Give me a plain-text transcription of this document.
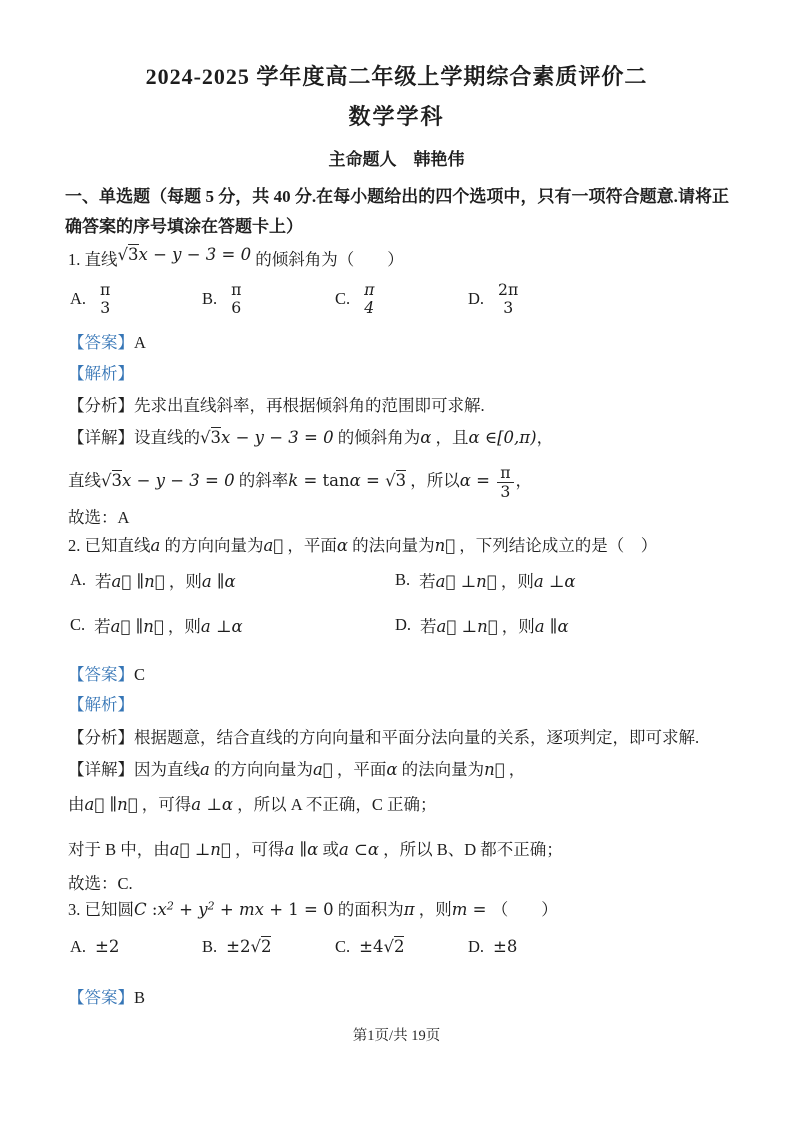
2024-2025 学年度高二年级上学期综合素质评价二
数学学科
主命题人　韩艳伟
一、单选题（每题 5 分，共 40 分.在每小题给出的四个选项中，只有一项符合题意.请将正确答案的序号填涂在答题卡上）
1. 直线√3x − y − 3 = 0 的倾斜角为（　　）
A. π
3	B. π
6	C. π
4	D. 2π
3
【答案】A
【解析】
【分析】先求出直线斜率，再根据倾斜角的范围即可求解.
【详解】设直线的√3x − y − 3 = 0 的倾斜角为α ，且α ∈[0,π)，
直线√3x − y − 3 = 0 的斜率k = tanα = √3 ，所以$\alpha = \frac{\pi}{3}$ ，
故选：A
2. 已知直线a 的方向向量为a⃗ ，平面α 的法向量为n⃗ ，下列结论成立的是（　）
A. 若a⃗ ∥n⃗ ，则a ∥α	B. 若a⃗ ⊥n⃗ ，则a ⊥α
C. 若a⃗ ∥n⃗ ，则a ⊥α	D. 若a⃗ ⊥n⃗ ，则a ∥α
【答案】C
【解析】
【分析】根据题意，结合直线的方向向量和平面分法向量的关系，逐项判定，即可求解.
【详解】因为直线a 的方向向量为a⃗ ，平面α 的法向量为n⃗ ，
由a⃗ ∥n⃗ ，可得a ⊥α ，所以 A 不正确，C 正确；
对于 B 中，由a⃗ ⊥n⃗ ，可得a ∥α 或a ⊂α ，所以 B、D 都不正确；
故选：C.
3. 已知圆C $:x^2 + y^2$ + mx + 1 = 0 的面积为π ，则m = （　　）
A. ±2	B. ±2√2	C. ±4√2	D. ±8
【答案】B
第1页/共 19页
